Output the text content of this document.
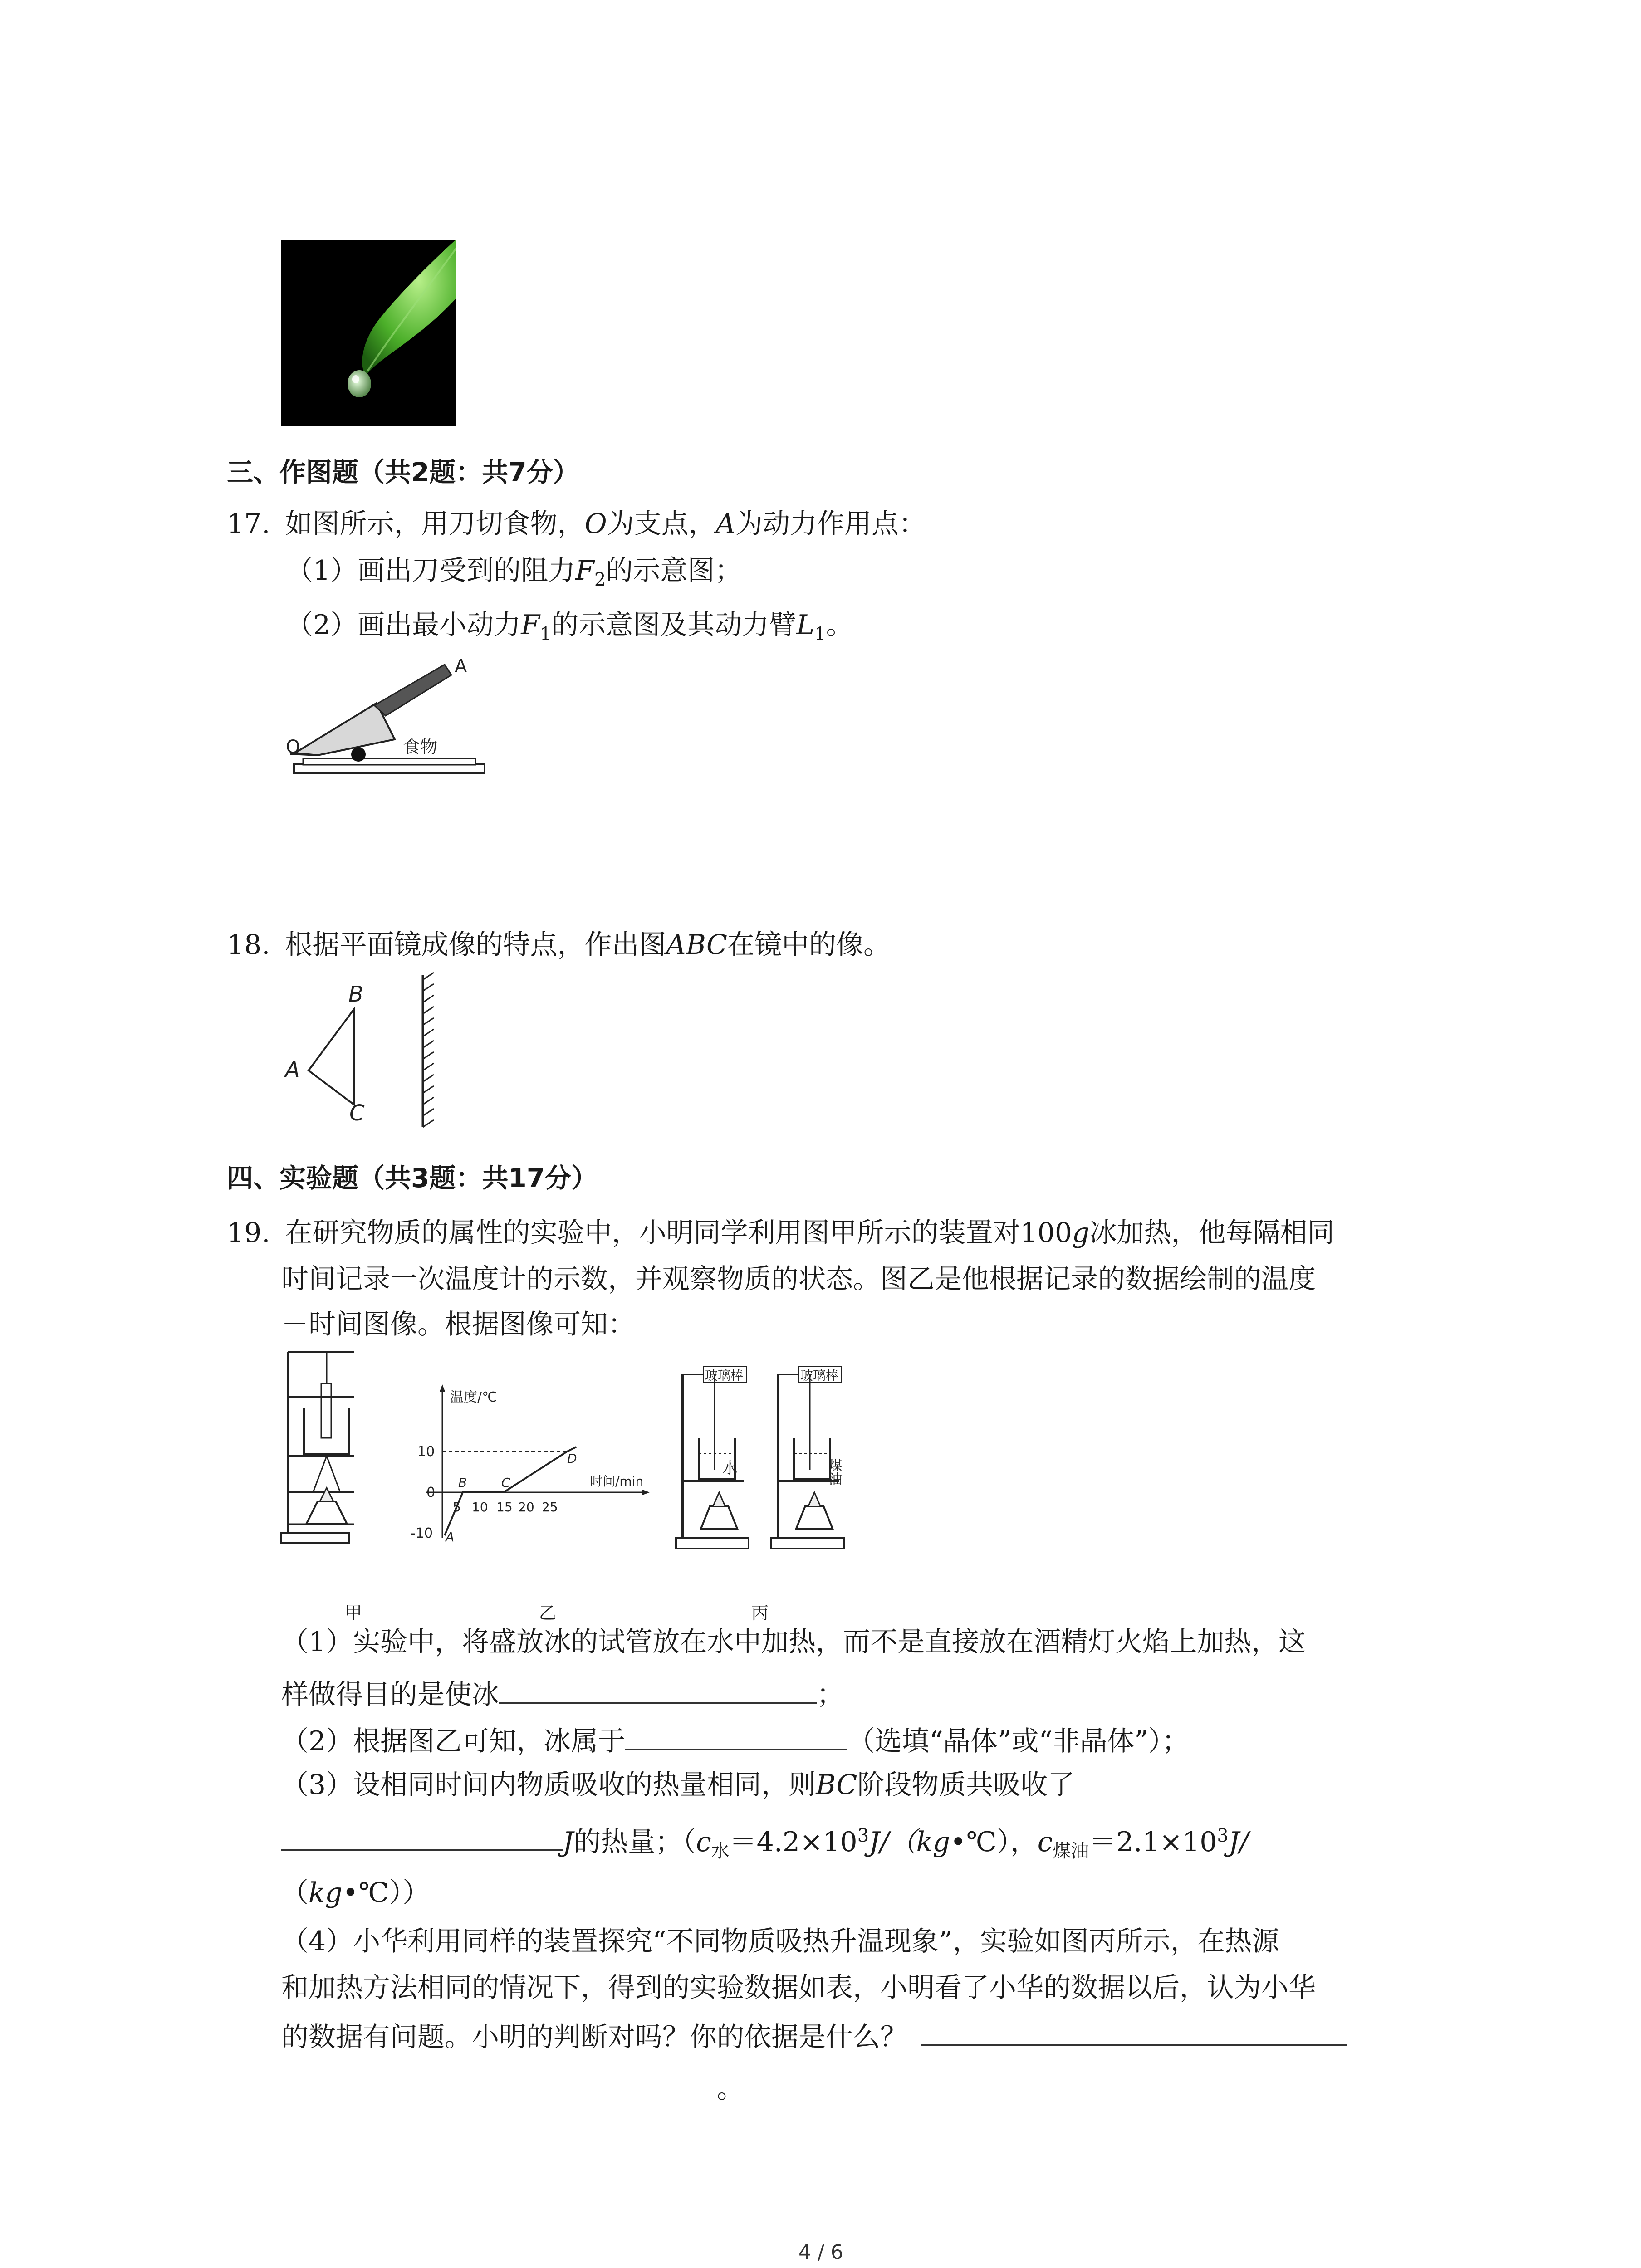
三、作图题（共2题：共7分）
17. 如图所示，用刀切食物，O为支点，A为动力作用点：
（1）画出刀受到的阻力$F_2$的示意图；
（2）画出最小动力$F_1$的示意图及其动力臂$L_1$。
A
O	食物
18. 根据平面镜成像的特点，作出图ABC在镜中的像。
B
A
C
四、实验题（共3题：共17分）
19. 在研究物质的属性的实验中，小明同学利用图甲所示的装置对100g冰加热，他每隔相同
时间记录一次温度计的示数，并观察物质的状态。图乙是他根据记录的数据绘制的温度
－时间图像。根据图像可知：
温度/℃
时间/min
10
0
-10
5 10 15 20 25
A
B	C
D
玻璃棒
水
玻璃棒
煤油
甲	乙	丙
（1）实验中，将盛放冰的试管放在水中加热，而不是直接放在酒精灯火焰上加热，这
样做得目的是使冰	；
（2）根据图乙可知，冰属于	（选填“晶体”或“非晶体”）；
（3）设相同时间内物质吸收的热量相同，则BC阶段物质共吸收了
J的热量；（$c_水=4.2\times 10^3J/(kg•℃)$，$c_{煤油}=2.1\times 10^3J/$
（kg•℃））
（4）小华利用同样的装置探究“不同物质吸热升温现象”，实验如图丙所示，在热源
和加热方法相同的情况下，得到的实验数据如表，小明看了小华的数据以后，认为小华
的数据有问题。小明的判断对吗？你的依据是什么？
。
4 / 6
